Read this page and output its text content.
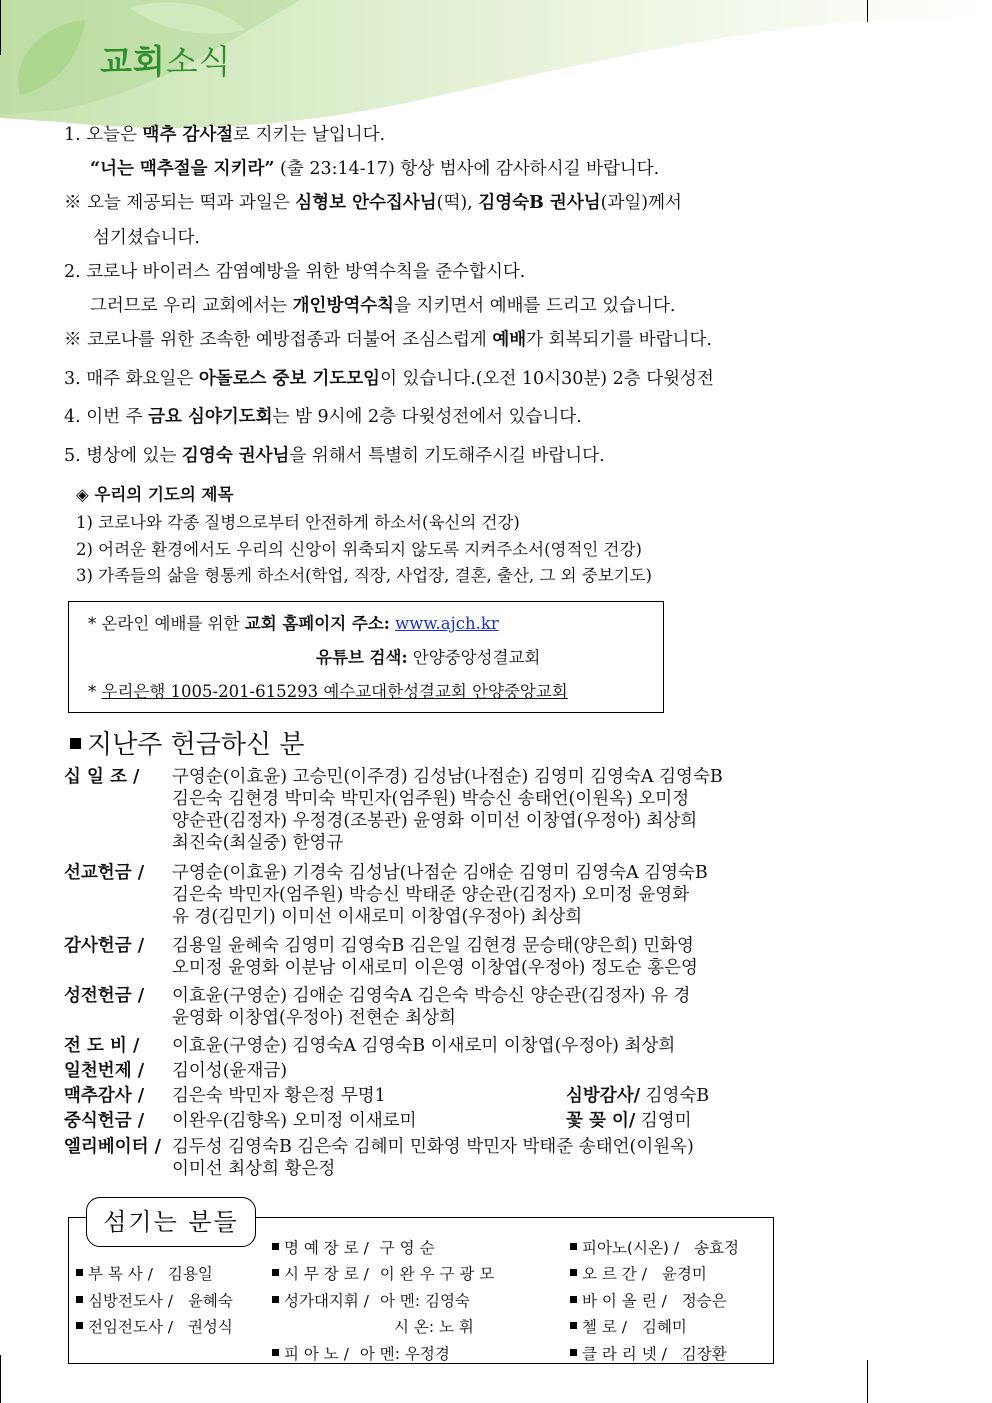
교회소식
1. 오늘은 맥추 감사절로 지키는 날입니다.
“너는 맥추절을 지키라” (출 23:14-17) 항상 범사에 감사하시길 바랍니다.
※ 오늘 제공되는 떡과 과일은 심형보 안수집사님(떡), 김영숙B 권사님(과일)께서
섬기셨습니다.
2. 코로나 바이러스 감염예방을 위한 방역수칙을 준수합시다.
그러므로 우리 교회에서는 개인방역수칙을 지키면서 예배를 드리고 있습니다.
※ 코로나를 위한 조속한 예방접종과 더불어 조심스럽게 예배가 회복되기를 바랍니다.
3. 매주 화요일은 아돌로스 중보 기도모임이 있습니다.(오전 10시30분) 2층 다윗성전
4. 이번 주 금요 심야기도회는 밤 9시에 2층 다윗성전에서 있습니다.
5. 병상에 있는 김영숙 권사님을 위해서 특별히 기도해주시길 바랍니다.
◈ 우리의 기도의 제목
1) 코로나와 각종 질병으로부터 안전하게 하소서(육신의 건강)
2) 어려운 환경에서도 우리의 신앙이 위축되지 않도록 지켜주소서(영적인 건강)
3) 가족들의 삶을 형통케 하소서(학업, 직장, 사업장, 결혼, 출산, 그 외 중보기도)
* 온라인 예배를 위한 교회 홈페이지 주소: www.ajch.kr
유튜브 검색: 안양중앙성결교회
* 우리은행 1005-201-615293 예수교대한성결교회 안양중앙교회
지난주 헌금하신 분
십 일 조 / 구영순(이효윤) 고승민(이주경) 김성남(나점순) 김영미 김영숙A 김영숙B
김은숙 김현경 박미숙 박민자(엄주원) 박승신 송태언(이원옥) 오미정
양순관(김정자) 우정경(조봉관) 윤영화 이미선 이창엽(우정아) 최상희
최진숙(최실중) 한영규
선교헌금 / 구영순(이효윤) 기경숙 김성남(나점순 김애순 김영미 김영숙A 김영숙B
김은숙 박민자(엄주원) 박승신 박태준 양순관(김정자) 오미정 윤영화
유 경(김민기) 이미선 이새로미 이창엽(우정아) 최상희
감사헌금 / 김용일 윤혜숙 김영미 김영숙B 김은일 김현경 문승태(양은희) 민화영
오미정 윤영화 이분남 이새로미 이은영 이창엽(우정아) 정도순 홍은영
성전헌금 / 이효윤(구영순) 김애순 김영숙A 김은숙 박승신 양순관(김정자) 유 경
윤영화 이창엽(우정아) 전현순 최상희
전 도 비 / 이효윤(구영순) 김영숙A 김영숙B 이새로미 이창엽(우정아) 최상희
일천번제 / 김이성(윤재금)
맥추감사 / 김은숙 박민자 황은정 무명1	심방감사/ 김영숙B
중식헌금 / 이완우(김향옥) 오미정 이새로미	꽃 꽂 이/ 김영미
엘리베이터 / 김두성 김영숙B 김은숙 김혜미 민화영 박민자 박태준 송태언(이원옥)
이미선 최상희 황은정
섬기는 분들
부 목 사 / 김용일
심방전도사 / 윤혜숙
전임전도사 / 권성식
명 예 장 로 / 구 영 순
시 무 장 로 / 이 완 우 구 광 모
성가대지휘 / 아 멘: 김영숙
시 온: 노 휘
피 아 노 / 아 멘: 우정경
피아노(시온) / 송효정
오 르 간 / 윤경미
바 이 올 린 / 정승은
첼 로 / 김혜미
클 라 리 넷 / 김장환
